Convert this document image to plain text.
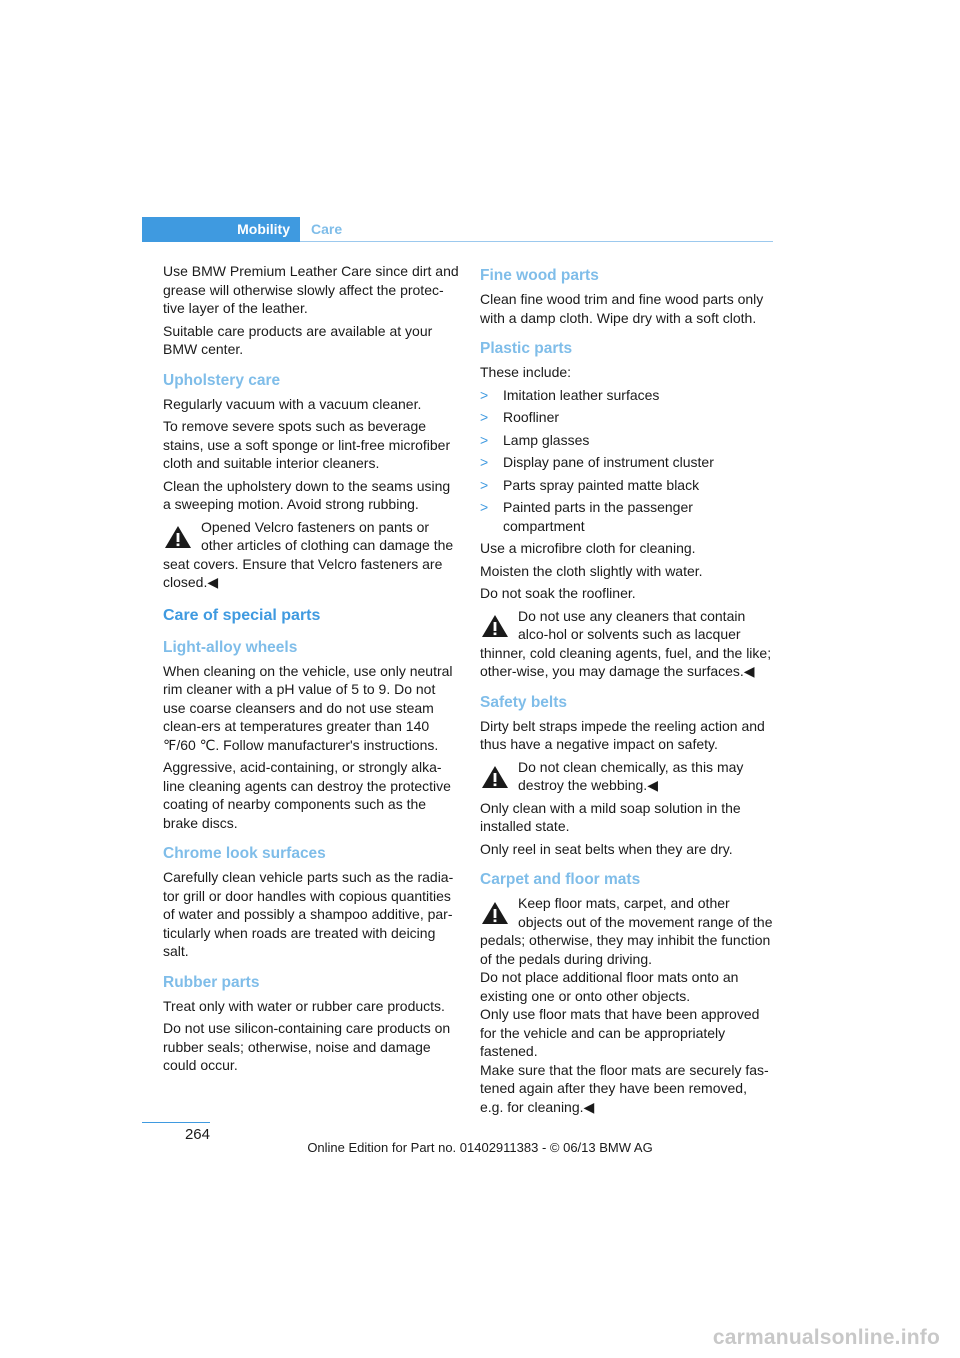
Mobility	Care

Use BMW Premium Leather Care since dirt and grease will otherwise slowly affect the protec-tive layer of the leather.

Suitable care products are available at your BMW center.

Upholstery care

Regularly vacuum with a vacuum cleaner.

To remove severe spots such as beverage stains, use a soft sponge or lint-free microfiber cloth and suitable interior cleaners.

Clean the upholstery down to the seams using a sweeping motion. Avoid strong rubbing.

Opened Velcro fasteners on pants or other articles of clothing can damage the seat covers. Ensure that Velcro fasteners are closed.◀
Care of special parts
Light-alloy wheels

When cleaning on the vehicle, use only neutral rim cleaner with a pH value of 5 to 9. Do not use coarse cleansers and do not use steam clean-ers at temperatures greater than 140 ℉/60 ℃. Follow manufacturer's instructions.

Aggressive, acid-containing, or strongly alka-line cleaning agents can destroy the protective coating of nearby components such as the brake discs.

Chrome look surfaces

Carefully clean vehicle parts such as the radia-tor grill or door handles with copious quantities of water and possibly a shampoo additive, par-ticularly when roads are treated with deicing salt.

Rubber parts

Treat only with water or rubber care products.

Do not use silicon-containing care products on rubber seals; otherwise, noise and damage could occur.

Fine wood parts

Clean fine wood trim and fine wood parts only with a damp cloth. Wipe dry with a soft cloth.

Plastic parts

These include:

> Imitation leather surfaces
> Roofliner
> Lamp glasses
> Display pane of instrument cluster
> Parts spray painted matte black
> Painted parts in the passenger compartment

Use a microfibre cloth for cleaning.

Moisten the cloth slightly with water.

Do not soak the roofliner.

Do not use any cleaners that contain alco-hol or solvents such as lacquer thinner, cold cleaning agents, fuel, and the like; other-wise, you may damage the surfaces.◀
Safety belts

Dirty belt straps impede the reeling action and thus have a negative impact on safety.

Do not clean chemically, as this may destroy the webbing.◀

Only clean with a mild soap solution in the installed state.

Only reel in seat belts when they are dry.

Carpet and floor mats
Keep floor mats, carpet, and other objects out of the movement range of the pedals; otherwise, they may inhibit the function of the pedals during driving.
Do not place additional floor mats onto an existing one or onto other objects.
Only use floor mats that have been approved for the vehicle and can be appropriately fastened.
Make sure that the floor mats are securely fas-tened again after they have been removed, e.g. for cleaning.◀
264
Online Edition for Part no. 01402911383 - © 06/13 BMW AG
carmanualsonline.info
